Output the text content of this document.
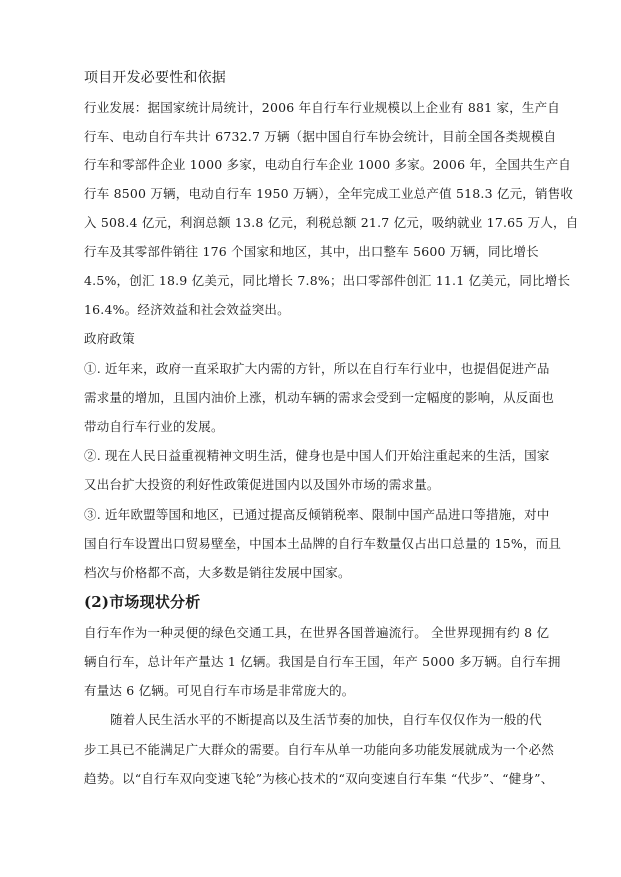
项目开发必要性和依据
行业发展：据国家统计局统计，2006 年自行车行业规模以上企业有 881 家，生产自
行车、电动自行车共计 6732.7 万辆（据中国自行车协会统计，目前全国各类规模自
行车和零部件企业 1000 多家，电动自行车企业 1000 多家。2006 年，全国共生产自
行车 8500 万辆，电动自行车 1950 万辆），全年完成工业总产值 518.3 亿元，销售收
入 508.4 亿元，利润总额 13.8 亿元，利税总额 21.7 亿元，吸纳就业 17.65 万人，自
行车及其零部件销往 176 个国家和地区，其中，出口整车 5600 万辆，同比增长
4.5%，创汇 18.9 亿美元，同比增长 7.8%；出口零部件创汇 11.1 亿美元，同比增长
16.4%。经济效益和社会效益突出。
政府政策
①. 近年来，政府一直采取扩大内需的方针，所以在自行车行业中，也提倡促进产品
需求量的增加，且国内油价上涨，机动车辆的需求会受到一定幅度的影响，从反面也
带动自行车行业的发展。
②. 现在人民日益重视精神文明生活，健身也是中国人们开始注重起来的生活，国家
又出台扩大投资的利好性政策促进国内以及国外市场的需求量。
③. 近年欧盟等国和地区，已通过提高反倾销税率、限制中国产品进口等措施，对中
国自行车设置出口贸易壁垒，中国本土品牌的自行车数量仅占出口总量的 15%，而且
档次与价格都不高，大多数是销往发展中国家。
(2)市场现状分析
自行车作为一种灵便的绿色交通工具，在世界各国普遍流行。 全世界现拥有约 8 亿
辆自行车，总计年产量达 1 亿辆。我国是自行车王国，年产 5000 多万辆。自行车拥
有量达 6 亿辆。可见自行车市场是非常庞大的。
随着人民生活水平的不断提高以及生活节奏的加快，自行车仅仅作为一般的代
步工具已不能满足广大群众的需要。自行车从单一功能向多功能发展就成为一个必然
趋势。以“自行车双向变速飞轮”为核心技术的“双向变速自行车集 “代步”、“健身”、
